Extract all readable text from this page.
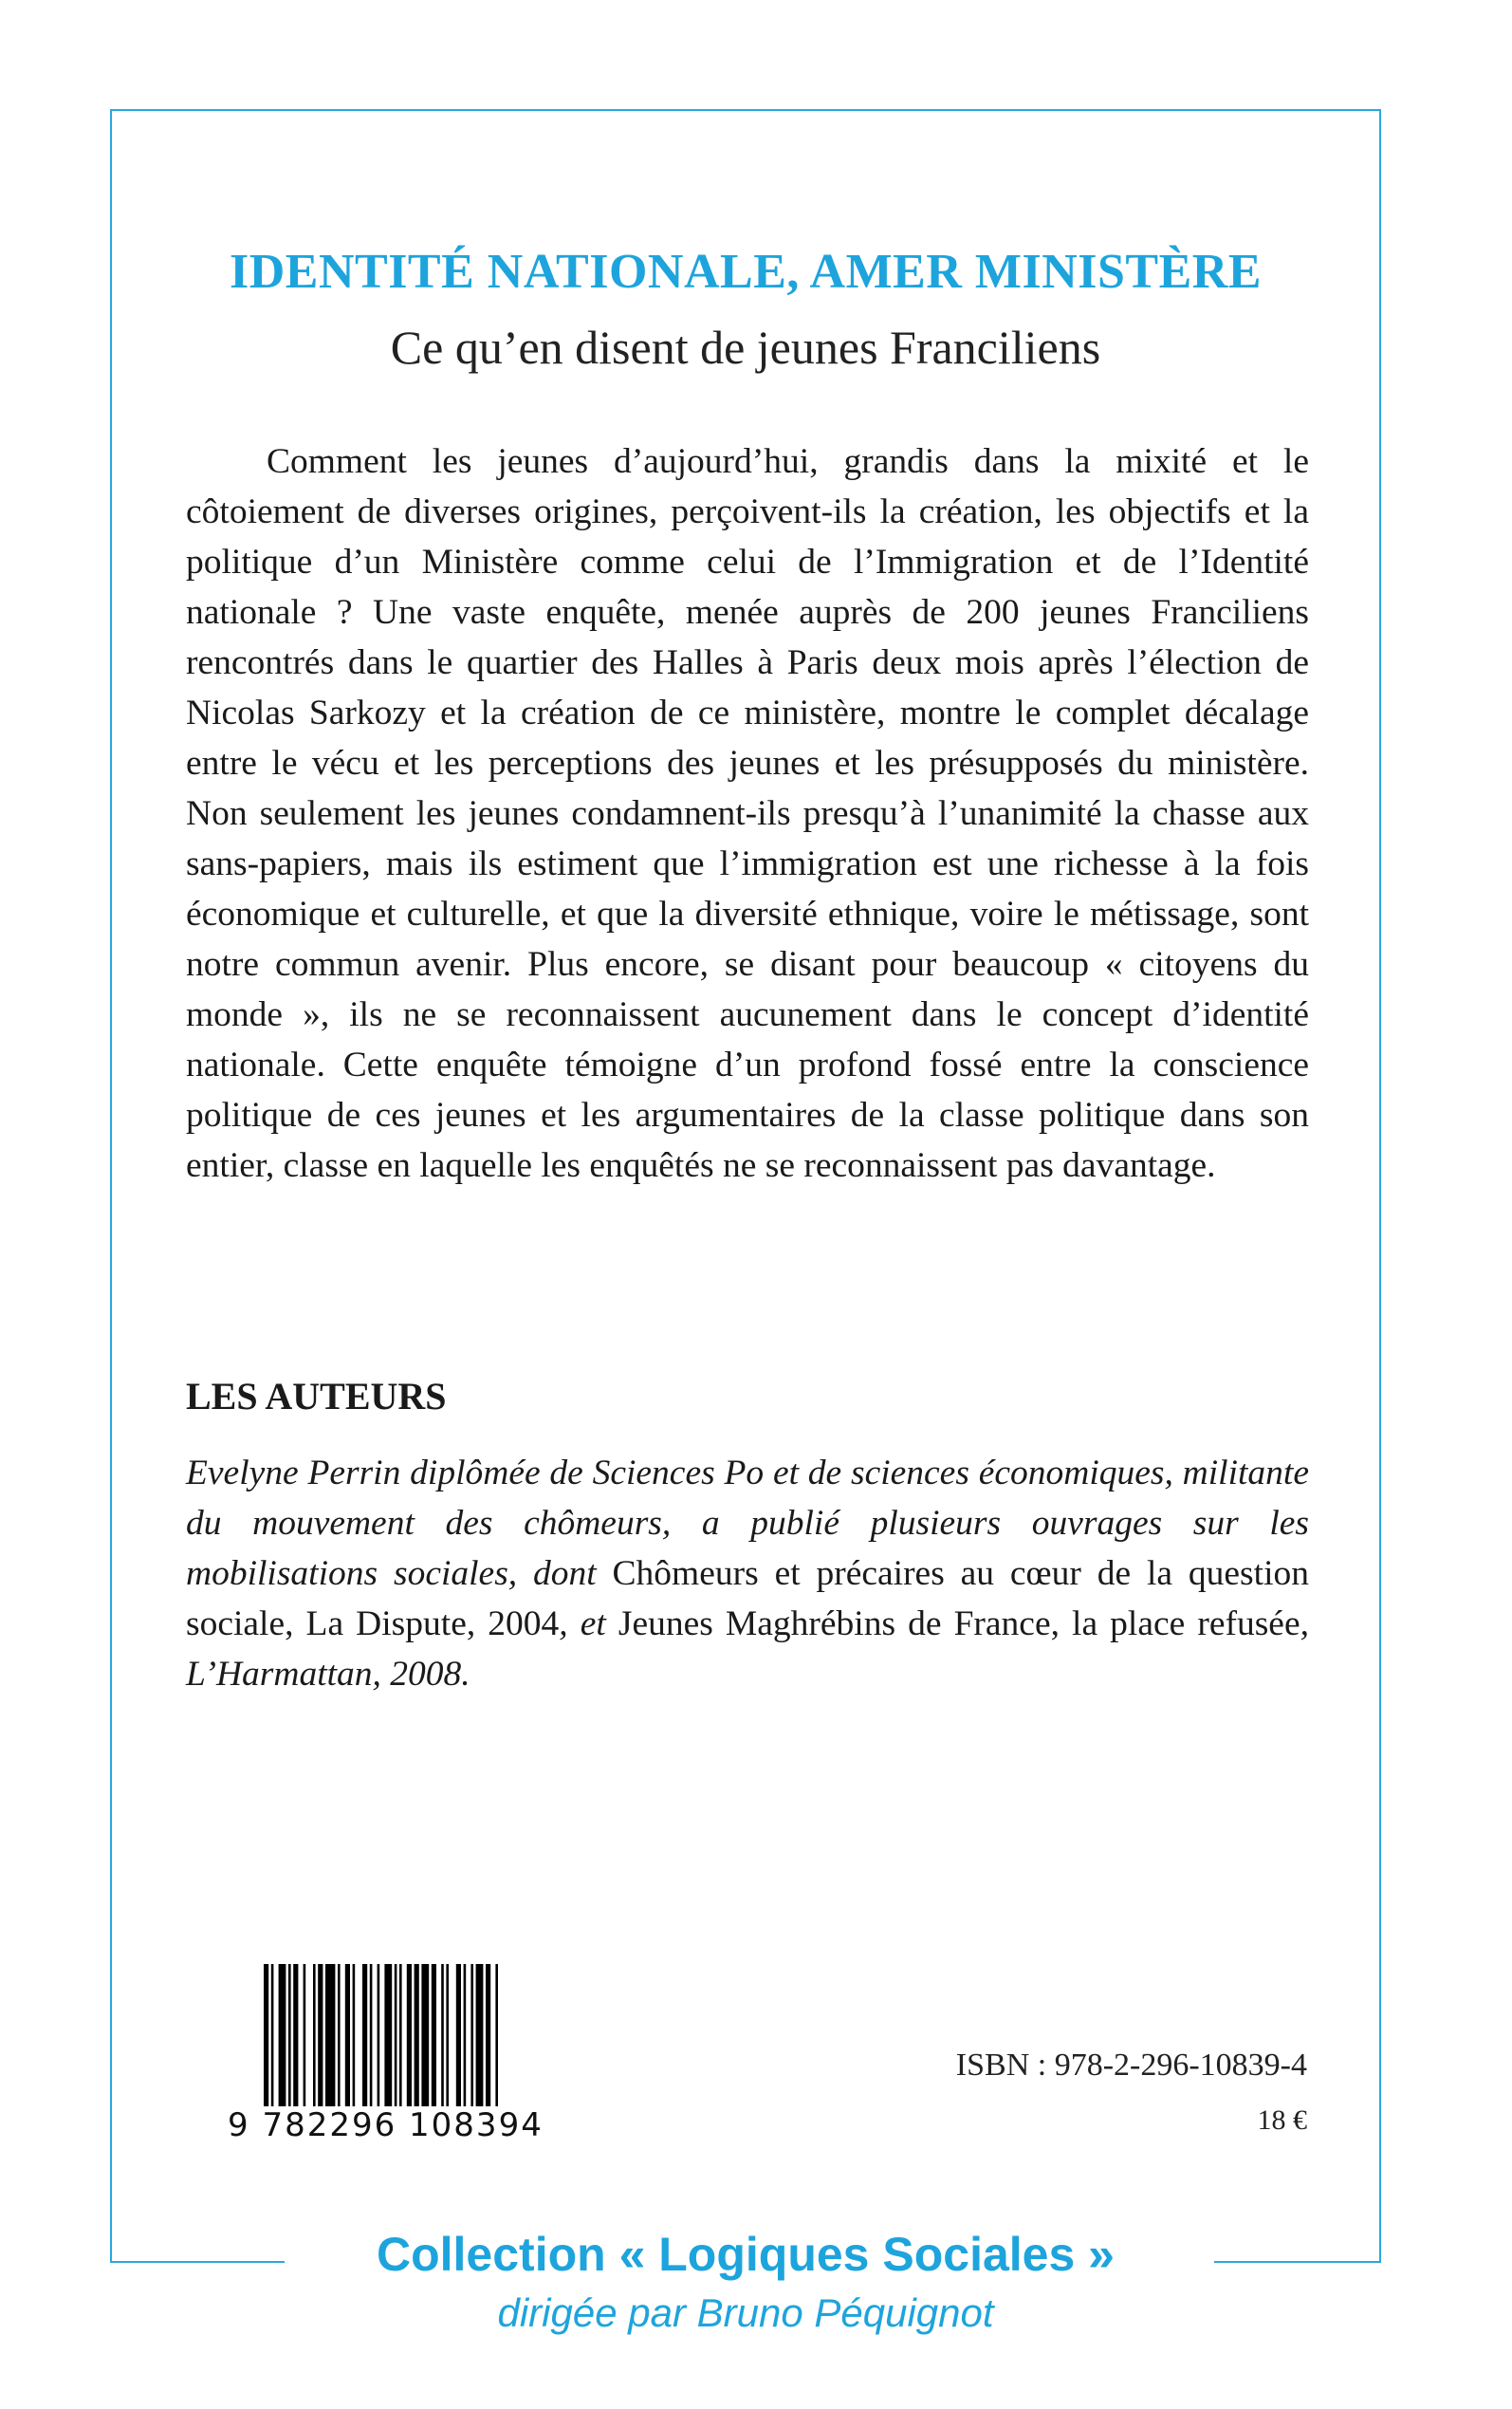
IDENTITÉ NATIONALE, AMER MINISTÈRE
Ce qu’en disent de jeunes Franciliens

Comment les jeunes d’aujourd’hui, grandis dans la mixité et le côtoiement de diverses origines, perçoivent-ils la création, les objectifs et la politique d’un Ministère comme celui de l’Immigration et de l’Identité nationale ? Une vaste enquête, menée auprès de 200 jeunes Franciliens rencontrés dans le quartier des Halles à Paris deux mois après l’élection de Nicolas Sarkozy et la création de ce ministère, montre le complet décalage entre le vécu et les perceptions des jeunes et les présupposés du ministère. Non seulement les jeunes condamnent-ils presqu’à l’unanimité la chasse aux sans-papiers, mais ils estiment que l’immigration est une richesse à la fois économique et culturelle, et que la diversité ethnique, voire le métissage, sont notre commun avenir. Plus encore, se disant pour beaucoup « citoyens du monde », ils ne se reconnaissent aucunement dans le concept d’identité nationale. Cette enquête témoigne d’un profond fossé entre la conscience politique de ces jeunes et les argumentaires de la classe politique dans son entier, classe en laquelle les enquêtés ne se reconnaissent pas davantage.

LES AUTEURS

Evelyne Perrin diplômée de Sciences Po et de sciences économiques, militante du mouvement des chômeurs, a publié plusieurs ouvrages sur les mobilisations sociales, dont Chômeurs et précaires au cœur de la question sociale, La Dispute, 2004, et Jeunes Maghrébins de France, la place refusée, L’Harmattan, 2008.

9 782296 108394
ISBN : 978-2-296-10839-4
18 €
Collection « Logiques Sociales »
dirigée par Bruno Péquignot
